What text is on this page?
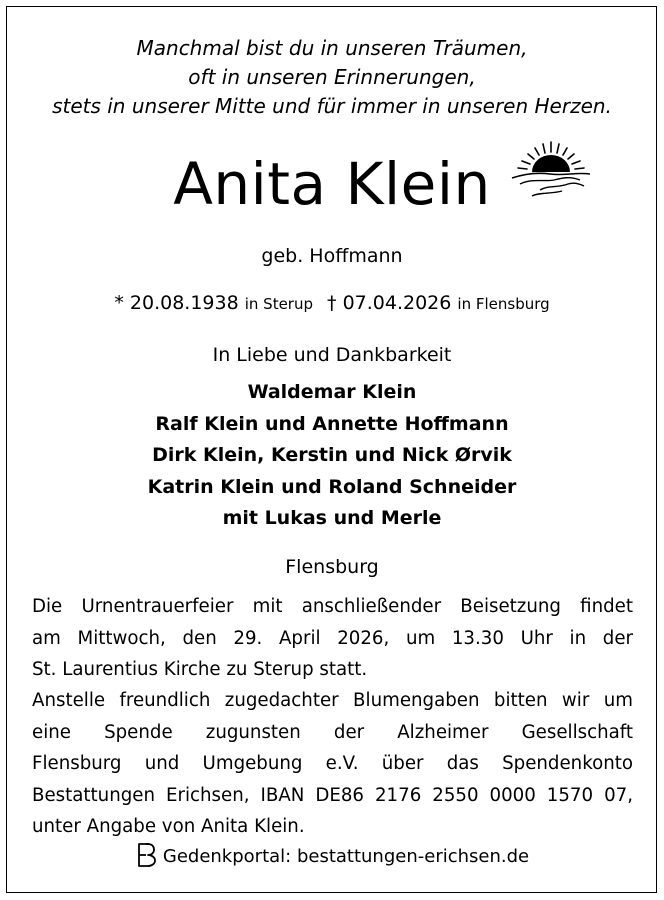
Manchmal bist du in unseren Träumen,
oft in unseren Erinnerungen,
stets in unserer Mitte und für immer in unseren Herzen.
Anita Klein
geb. Hoffmann
* 20.08.1938 in Sterup † 07.04.2026 in Flensburg
In Liebe und Dankbarkeit
Waldemar Klein
Ralf Klein und Annette Hoffmann
Dirk Klein, Kerstin und Nick Ørvik
Katrin Klein und Roland Schneider
mit Lukas und Merle
Flensburg
Die Urnentrauerfeier mit anschließender Beisetzung findet
am Mittwoch, den 29. April 2026, um 13.30 Uhr in der
St. Laurentius Kirche zu Sterup statt.
Anstelle freundlich zugedachter Blumengaben bitten wir um
eine Spende zugunsten der Alzheimer Gesellschaft
Flensburg und Umgebung e.V. über das Spendenkonto
Bestattungen Erichsen, IBAN DE86 2176 2550 0000 1570 07,
unter Angabe von Anita Klein.
Gedenkportal: bestattungen-erichsen.de
